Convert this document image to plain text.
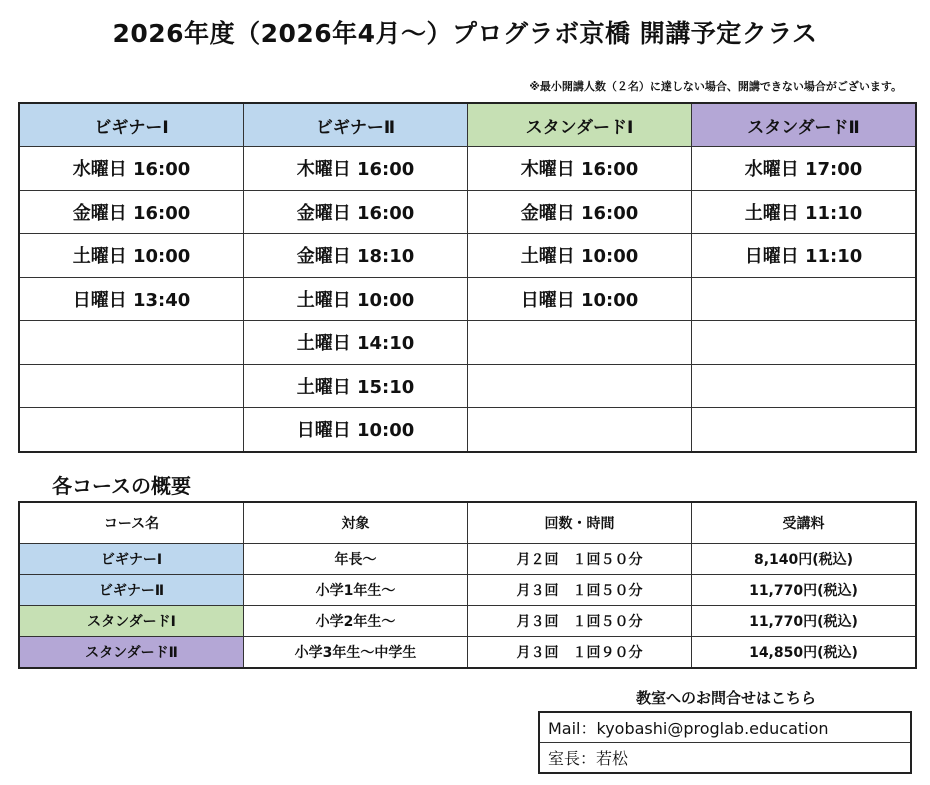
2026年度（2026年4月～）プログラボ京橋 開講予定クラス
※最小開講人数（２名）に達しない場合、開講できない場合がございます。
ビギナーⅠ	ビギナーⅡ	スタンダードⅠ	スタンダードⅡ
水曜日 16:00	木曜日 16:00	木曜日 16:00	水曜日 17:00
金曜日 16:00	金曜日 16:00	金曜日 16:00	土曜日 11:10
土曜日 10:00	金曜日 18:10	土曜日 10:00	日曜日 11:10
日曜日 13:40	土曜日 10:00	日曜日 10:00	
	土曜日 14:10		
	土曜日 15:10		
	日曜日 10:00		
各コースの概要
コース名	対象	回数・時間	受講料
ビギナーⅠ	年長～	月２回　１回５０分	8,140円(税込)
ビギナーⅡ	小学1年生～	月３回　１回５０分	11,770円(税込)
スタンダードⅠ	小学2年生～	月３回　１回５０分	11,770円(税込)
スタンダードⅡ	小学3年生～中学生	月３回　１回９０分	14,850円(税込)
教室へのお問合せはこちら
Mail：kyobashi@proglab.education
室長：若松
